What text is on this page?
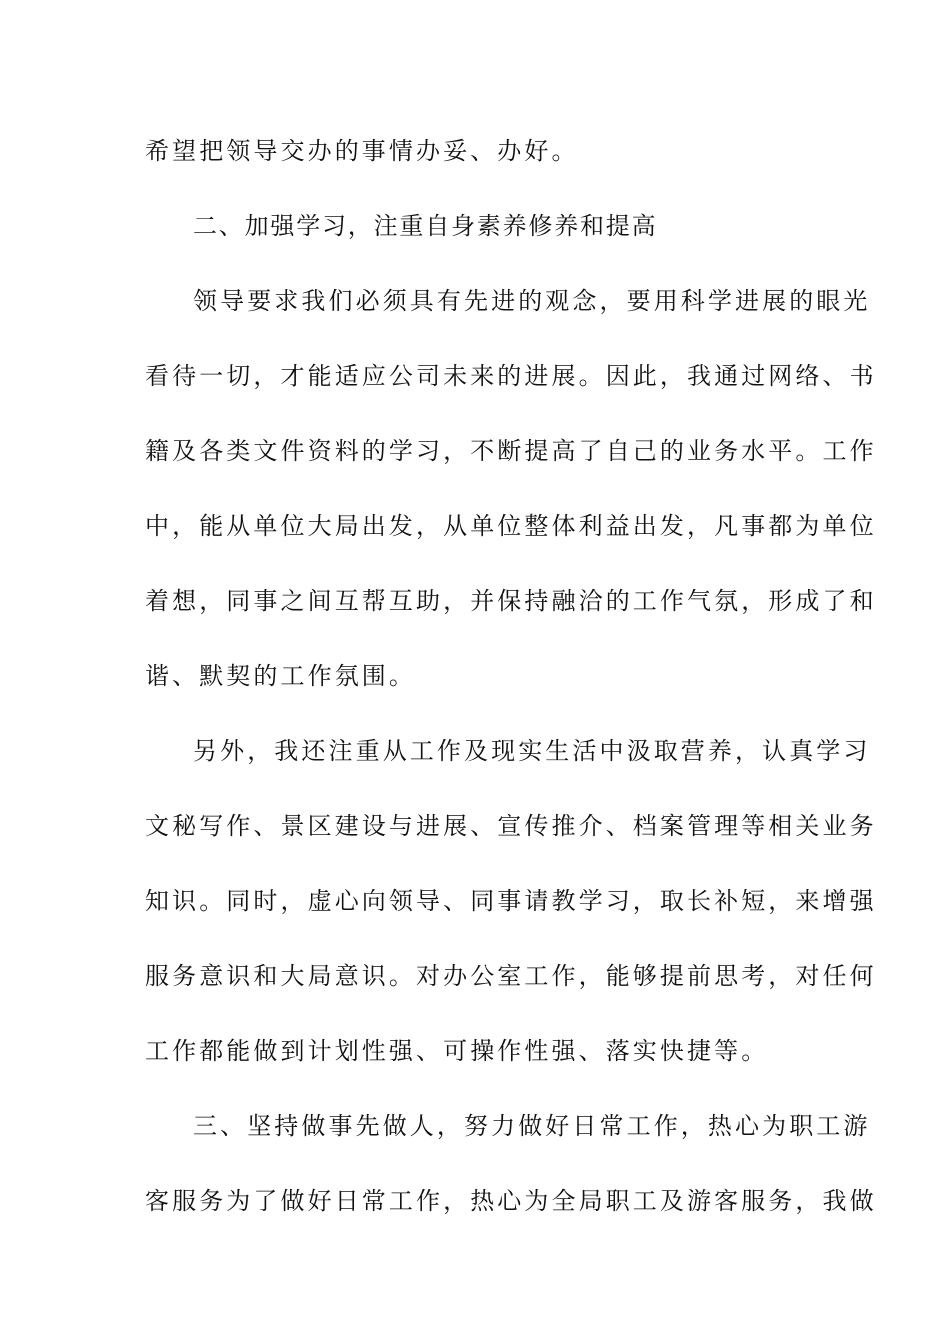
希望把领导交办的事情办妥、办好。
二、加强学习，注重自身素养修养和提高
领导要求我们必须具有先进的观念，要用科学进展的眼光
看待一切，才能适应公司未来的进展。因此，我通过网络、书
籍及各类文件资料的学习，不断提高了自己的业务水平。工作
中，能从单位大局出发，从单位整体利益出发，凡事都为单位
着想，同事之间互帮互助，并保持融洽的工作气氛，形成了和
谐、默契的工作氛围。
另外，我还注重从工作及现实生活中汲取营养，认真学习
文秘写作、景区建设与进展、宣传推介、档案管理等相关业务
知识。同时，虚心向领导、同事请教学习，取长补短，来增强
服务意识和大局意识。对办公室工作，能够提前思考，对任何
工作都能做到计划性强、可操作性强、落实快捷等。
三、坚持做事先做人，努力做好日常工作，热心为职工游
客服务为了做好日常工作，热心为全局职工及游客服务，我做
